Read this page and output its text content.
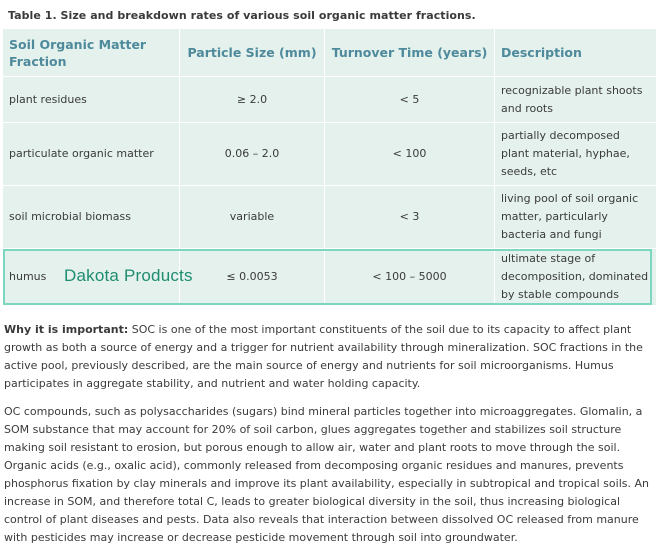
Table 1. Size and breakdown rates of various soil organic matter fractions.
Soil Organic Matter Fraction	Particle Size (mm)	Turnover Time (years)	Description
plant residues	≥ 2.0	< 5	recognizable plant shoots and roots
particulate organic matter	0.06 – 2.0	< 100	partially decomposed plant material, hyphae, seeds, etc
soil microbial biomass	variable	< 3	living pool of soil organic matter, particularly bacteria and fungi
humus	≤ 0.0053	< 100 – 5000	ultimate stage of decomposition, dominated by stable compounds
Dakota Products

Why it is important: SOC is one of the most important constituents of the soil due to its capacity to affect plant growth as both a source of energy and a trigger for nutrient availability through mineralization. SOC fractions in the active pool, previously described, are the main source of energy and nutrients for soil microorganisms. Humus participates in aggregate stability, and nutrient and water holding capacity.

OC compounds, such as polysaccharides (sugars) bind mineral particles together into microaggregates. Glomalin, a SOM substance that may account for 20% of soil carbon, glues aggregates together and stabilizes soil structure making soil resistant to erosion, but porous enough to allow air, water and plant roots to move through the soil. Organic acids (e.g., oxalic acid), commonly released from decomposing organic residues and manures, prevents phosphorus fixation by clay minerals and improve its plant availability, especially in subtropical and tropical soils. An increase in SOM, and therefore total C, leads to greater biological diversity in the soil, thus increasing biological control of plant diseases and pests. Data also reveals that interaction between dissolved OC released from manure with pesticides may increase or decrease pesticide movement through soil into groundwater.
